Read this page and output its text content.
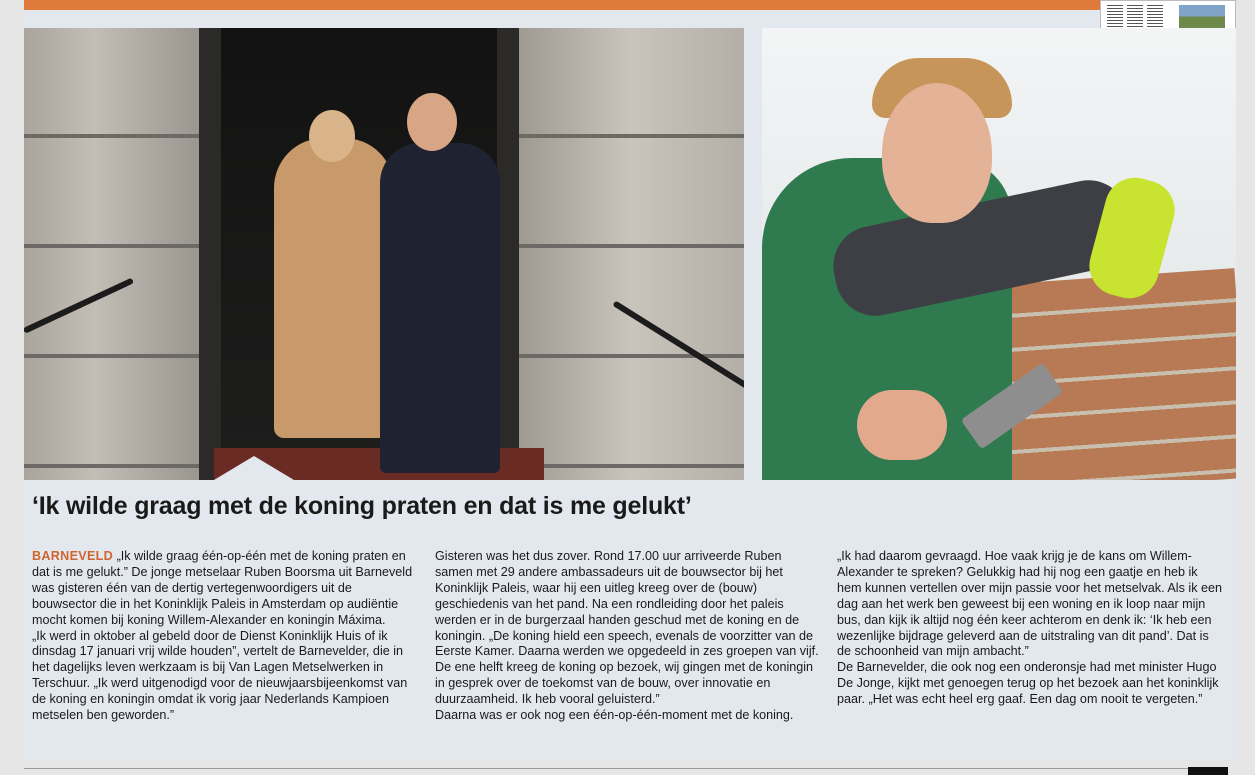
‘Ik wilde graag met de koning praten en dat is me gelukt’

BARNEVELD „Ik wilde graag één-op-één met de koning praten en dat is me gelukt.” De jonge metselaar Ruben Boorsma uit Barneveld was gisteren één van de dertig vertegenwoordigers uit de bouwsector die in het Koninklijk Paleis in Amsterdam op audiëntie mocht komen bij koning Willem-Alexander en koningin Máxima.

„Ik werd in oktober al gebeld door de Dienst Koninklijk Huis of ik dinsdag 17 januari vrij wilde houden”, vertelt de Barnevelder, die in het dagelijks leven werkzaam is bij Van Lagen Metselwerken in Terschuur. „Ik werd uitgenodigd voor de nieuwjaarsbijeenkomst van de koning en koningin omdat ik vorig jaar Nederlands Kampioen metselen ben geworden.”

Gisteren was het dus zover. Rond 17.00 uur arriveerde Ruben samen met 29 andere ambassadeurs uit de bouwsector bij het Koninklijk Paleis, waar hij een uitleg kreeg over de (bouw) geschiedenis van het pand. Na een rondleiding door het paleis werden er in de burgerzaal handen geschud met de koning en de koningin. „De koning hield een speech, evenals de voorzitter van de Eerste Kamer. Daarna werden we opgedeeld in zes groepen van vijf. De ene helft kreeg de koning op bezoek, wij gingen met de koningin in gesprek over de toekomst van de bouw, over innovatie en duurzaamheid. Ik heb vooral geluisterd.”

Daarna was er ook nog een één-op-één-moment met de koning.

„Ik had daarom gevraagd. Hoe vaak krijg je de kans om Willem-Alexander te spreken? Gelukkig had hij nog een gaatje en heb ik hem kunnen vertellen over mijn passie voor het metselvak. Als ik een dag aan het werk ben geweest bij een woning en ik loop naar mijn bus, dan kijk ik altijd nog één keer achterom en denk ik: ‘Ik heb een wezenlijke bijdrage geleverd aan de uitstraling van dit pand’. Dat is de schoonheid van mijn ambacht.”

De Barnevelder, die ook nog een onderonsje had met minister Hugo De Jonge, kijkt met genoegen terug op het bezoek aan het koninklijk paar. „Het was echt heel erg gaaf. Een dag om nooit te vergeten.”
